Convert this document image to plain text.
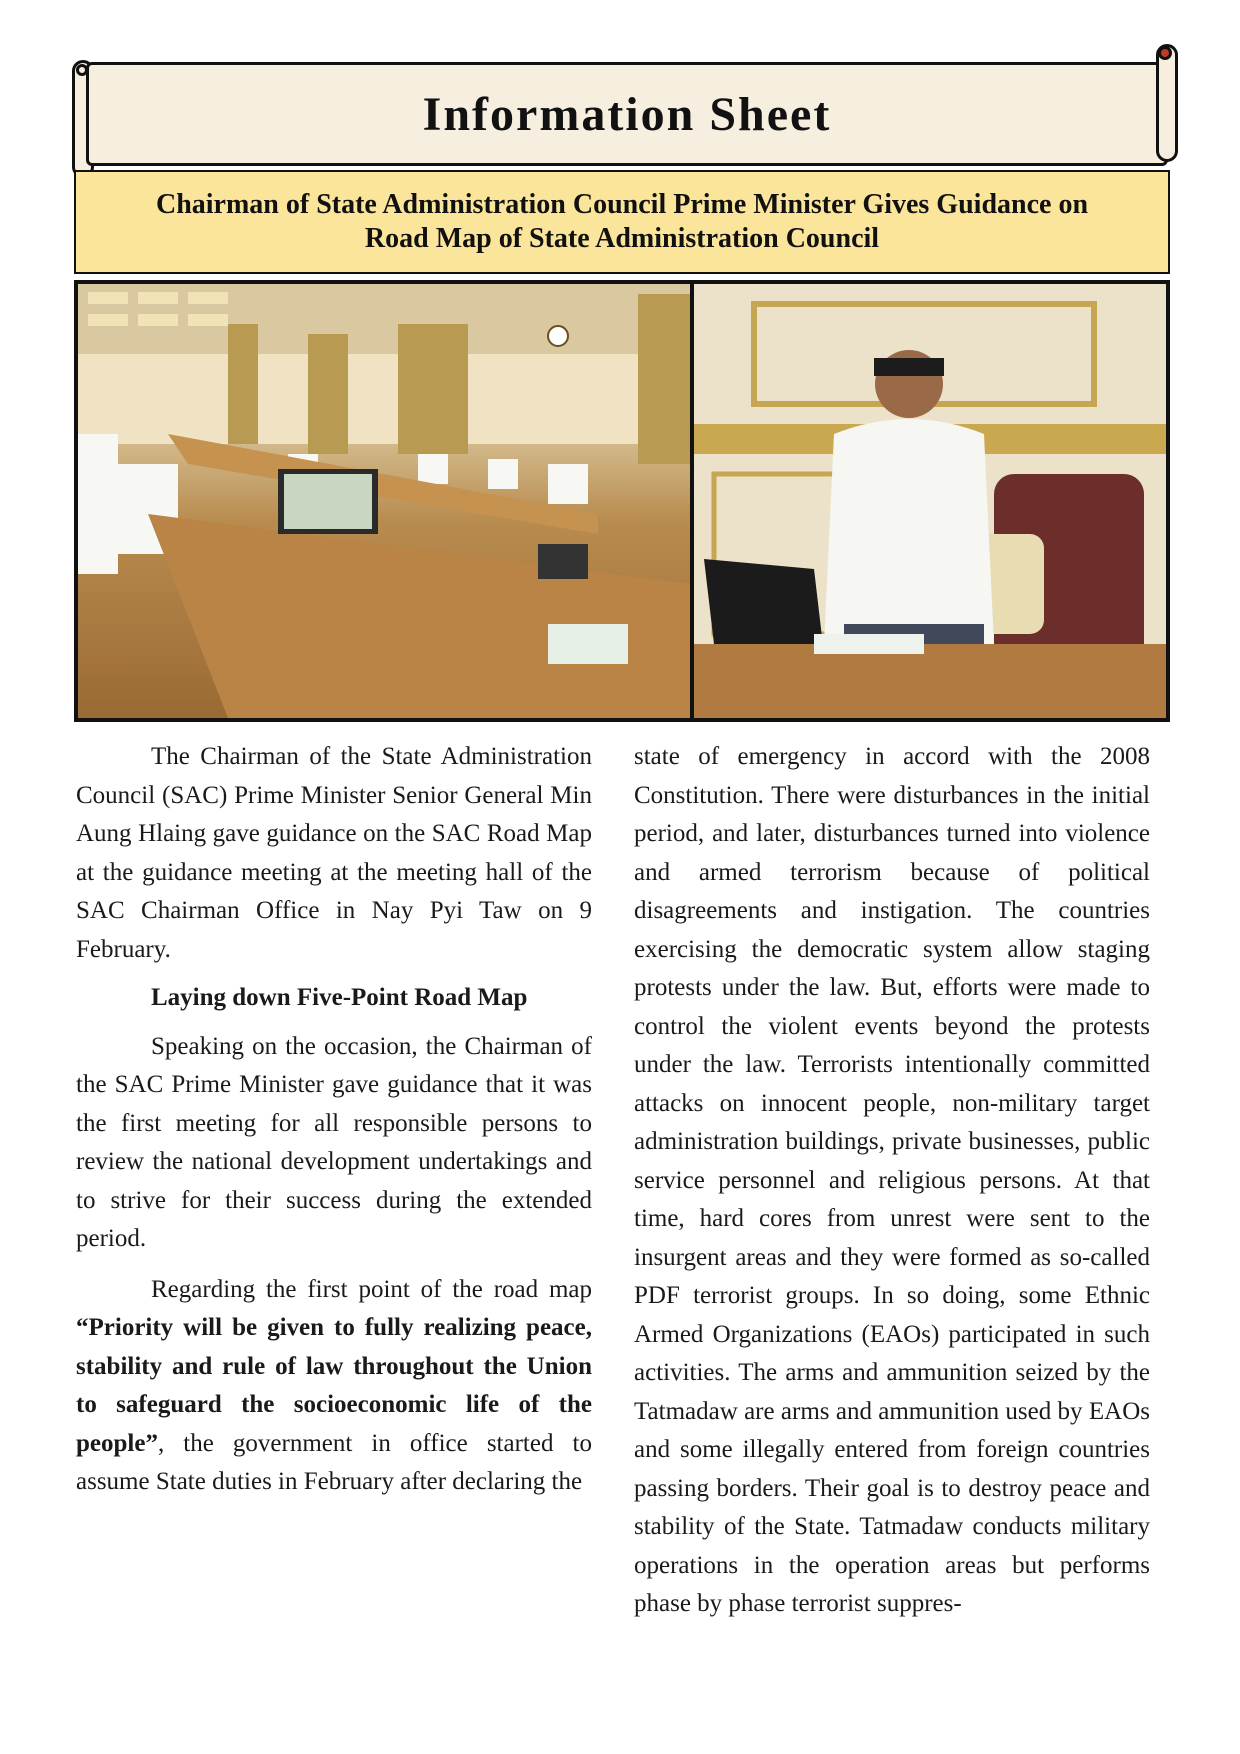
Information Sheet
Chairman of State Administration Council Prime Minister Gives Guidance on
Road Map of State Administration Council

The Chairman of the State Administration Council (SAC) Prime Minister Senior General Min Aung Hlaing gave guidance on the SAC Road Map at the guidance meeting at the meeting hall of the SAC Chairman Office in Nay Pyi Taw on 9 February.

Laying down Five-Point Road Map

Speaking on the occasion, the Chairman of the SAC Prime Minister gave guidance that it was the first meeting for all responsible persons to review the national development undertakings and to strive for their success during the extended period.

Regarding the first point of the road map “Priority will be given to fully realizing peace, stability and rule of law throughout the Union to safeguard the socioeconomic life of the people”, the government in office started to assume State duties in February after declaring the

state of emergency in accord with the 2008 Constitution. There were disturbances in the initial period, and later, disturbances turned into violence and armed terrorism because of political disagreements and instigation. The countries exercising the democratic system allow staging protests under the law. But, efforts were made to control the violent events beyond the protests under the law. Terrorists intentionally committed attacks on innocent people, non-military target administration buildings, private businesses, public service personnel and religious persons. At that time, hard cores from unrest were sent to the insurgent areas and they were formed as so-called PDF terrorist groups. In so doing, some Ethnic Armed Organizations (EAOs) participated in such activities. The arms and ammunition seized by the Tatmadaw are arms and ammunition used by EAOs and some illegally entered from foreign countries passing borders. Their goal is to destroy peace and stability of the State. Tatmadaw conducts military operations in the operation areas but performs phase by phase terrorist suppres-
